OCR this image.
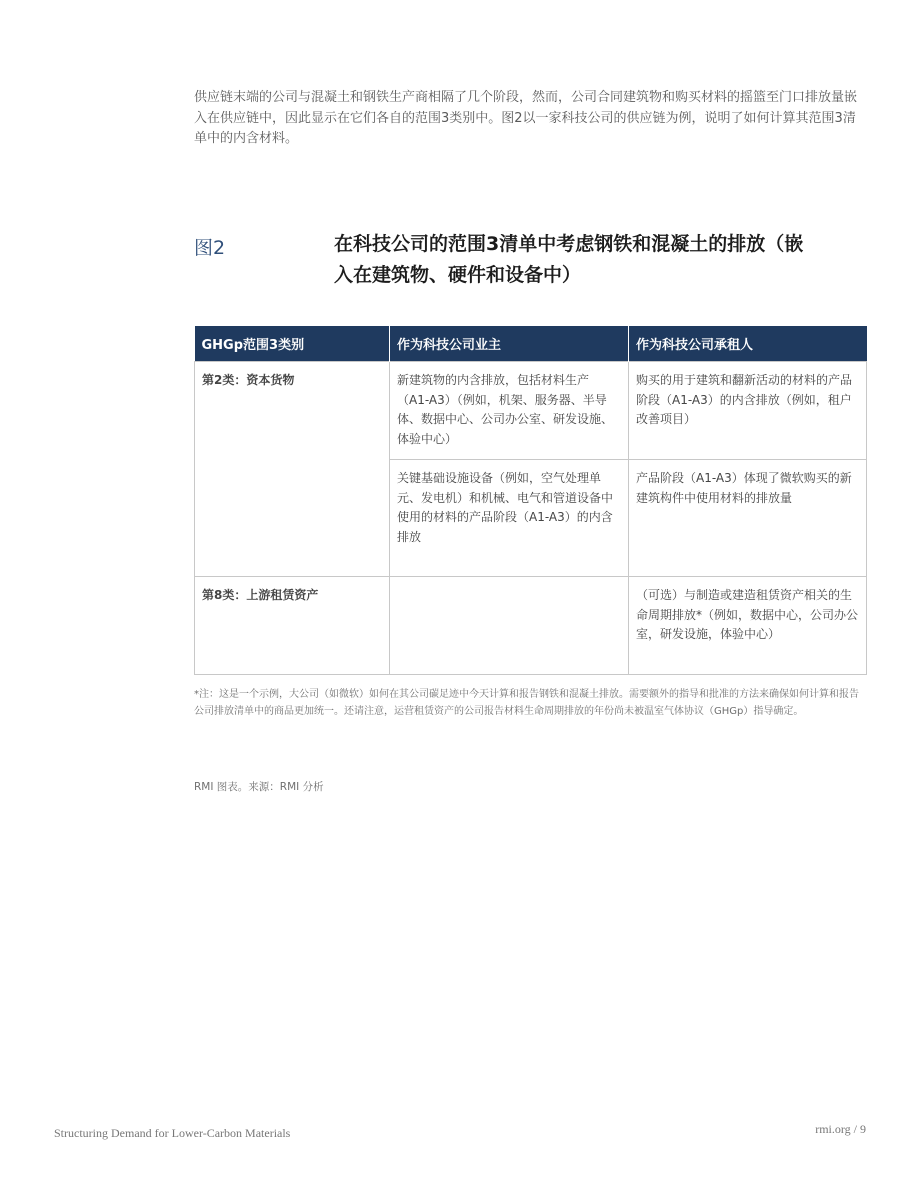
供应链末端的公司与混凝土和钢铁生产商相隔了几个阶段，然而，公司合同建筑物和购买材料的摇篮至门口排放量嵌入在供应链中，因此显示在它们各自的范围3类别中。图2以一家科技公司的供应链为例，说明了如何计算其范围3清单中的内含材料。

图2	在科技公司的范围3清单中考虑钢铁和混凝土的排放（嵌入在建筑物、硬件和设备中）
GHGp范围3类别	作为科技公司业主	作为科技公司承租人
第2类：资本货物	新建筑物的内含排放，包括材料生产（A1-A3）（例如，机架、服务器、半导体、数据中心、公司办公室、研发设施、体验中心）	购买的用于建筑和翻新活动的材料的产品阶段（A1-A3）的内含排放（例如，租户改善项目）
	关键基础设施设备（例如，空气处理单元、发电机）和机械、电气和管道设备中使用的材料的产品阶段（A1-A3）的内含排放	产品阶段（A1-A3）体现了微软购买的新建筑构件中使用材料的排放量
第8类：上游租赁资产		（可选）与制造或建造租赁资产相关的生命周期排放*（例如，数据中心，公司办公室，研发设施，体验中心）

*注：这是一个示例，大公司（如微软）如何在其公司碳足迹中今天计算和报告钢铁和混凝土排放。需要额外的指导和批准的方法来确保如何计算和报告公司排放清单中的商品更加统一。还请注意，运营租赁资产的公司报告材料生命周期排放的年份尚未被温室气体协议（GHGp）指导确定。

RMI 图表。来源：RMI 分析
Structuring Demand for Lower-Carbon Materials	rmi.org / 9
